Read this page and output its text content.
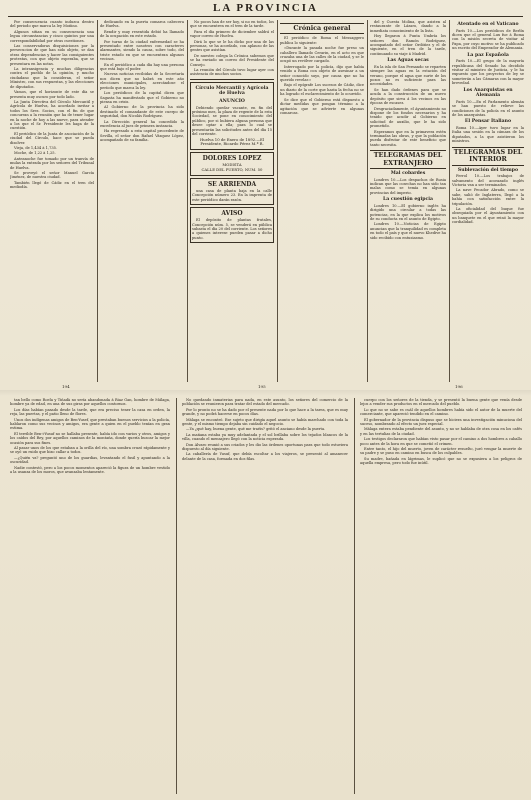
LA PROVINCIA

Por consecuencia cuanto induzca dentro del periodo que marca la ley Moñino.

Algunos sitian en su consecuencia una legua circunstancias y cinco quintos por una correspondabilidad por otras cuestiones.

Las conservadoras disquisiciones por la persecucion de que han sido objeto, se dan otras dependencias y hacer las consiguientes protestas, con que objeto esperaba, que se presentara en las notas.

La intransigencia y muchas diligencias contra el pueblo de la opinión, y mucho ciudadano que la consideran, el señor Ministro, con sus respuestas, y las elecciones de diputados.

Vamos, que el horizonte de este día se presenta muy oscuro por todo lado.

La Junta Directiva del Círculo Mercantil y Agrícola de Huelva, ha acordado invitar a todos los Sres. Socios, con el fin de que concurran a la reunión que ha de tener lugar en la noche de hoy a las nueve, para atender a los que el Sr. Presidente les haga de la cuestión.

El periódico de la Junta de asociación de la ciudad del Círculo, hace que se pueda disolver.

Vieja, de 1,434 à 1,735.

Moche, de 1,22 à 1,25.

Anteanoche fue tomado por un tranvía de mulas la entrada por los señores del Tribunal de Huelva.

Se proveyó el señor Manuel García Jiménez, de nuestra ciudad.

También llegó de Cádiz en el tren del mediodía.

dedicando en la puerta comarca cabecera de Huelva.

Rendir y muy resentida debió ha llamado de la ocupación en este estado.

Por turno de la ciudad enfermedad se ha presentado entre nosotros con caracteres alarmantes, siendo la causa, sobre todo, del triste estado en que se encuentran algunos vecinos.

En el periódico a cada día hay una persona que está bajo el poder.

Nuevas noticias recibidas de la Secretaría nos dicen que no habrá en este año elecciones municipales, acercándose el período que marca la ley.

Los periódicos de la capital dicen que Sagasta ha manifestado que el Gobierno no piensa en crisis.

Al Gobierno de la provincia ha sido destinado el comandante de este cuerpo de seguridad, don Nicolás Rodríguez.

La Dirección general ha concedido la excedencia al juez de primera instancia.

Ha regresado a esta capital procedente de Sevilla, el señor don Rafael Vázquez López, acompañado de su familia.

No pocos han de ser hoy, si no en todos, los que se encuentren en el tren de la tarde.

Para el día primero de diciembre saldrá el vapor correo de Huelva.

Dirá lo que se le ha dicho por una de las personas, se ha acordado, con aplauso de las gentes que asistían.

De nuestro colega la Crónica sabemos que se ha enviado un correo del Presidente del Consejo.

La reunión del Círculo tuvo lugar ayer con asistencia de muchos socios.

Círculo Mercantil y Agrícola de Huelva

ANUNCIO

Debiendo quedar vacante, en fin del próximo mes, la plaza de regente de la esta Sociedad, se pone en conocimiento del público, por si hubiera alguna persona que desee optar a ella; para lo cual se presentarán las solicitudes antes del día 15 del corriente.

Huelva 10 de Enero de 1892.—El Presidente, Ricardo Pérez M.ª R.

DOLORES LOPEZ

MODISTA

CALLE DEL PUERTO, NUM. 50

SE ARRIENDA

una casa de planta baja en la calle Concepción número 23. En la imprenta de este periódico darán razón.

AVISO

El depósito de plantas frutales, Concepción núm. 5, se venderá en pública subasta el día 20 del corriente. Los señores a quienes interese pueden pasar a dicho punto.

Crónica general

El periódico de Roma el Messaggero publica lo siguiente:

«Durante la pasada noche fue preso un caballero llamado Cerarin, en el acto en que cruzaba una de las calles de la ciudad, y se le ocupó un revólver cargado.

Interrogado por la policía, dijo que había venido a Roma con objeto de asesinar a un señor conocido suyo, por causa que no ha querido revelar.»

Bajo el epígrafe Los sucesos de Cádiz, dice un diario de la corte que hasta la fecha no se ha logrado el esclarecimiento de lo ocurrido.

Se dice que el Gobierno está dispuesto a dictar medidas que pongan término a la agitación que se advierte en algunas comarcas.

del y Cuesta Molina, que asisten al restaurante de Lázaro, dando a la inmediata conocimiento de la lista.

Hoy llegaron á Punta Umbría los señores don Ramón Rodríguez, acompañado del señor Ordóñez y el de siguiente, en el tren de la tarde, continuando su viaje á Madrid.

Las Aguas secas

En la isla de San Fernando se reparten siempre las aguas en la estación del verano, porque el agua que surte de los pozos no es suficiente para las necesidades.

Se han dado órdenes para que se acuda a la construcción de un nuevo depósito que sirva á los vecinos en las épocas de escasez.

Desgraciadamente, el Ayuntamiento no dispone de los fondos necesarios y ha tenido que acudir al Gobierno en solicitud de auxilio, que le ha sido prometido.

Esperamos que en la primavera estén terminadas las obras, y que la población pueda disfrutar de este beneficio que tanto necesita.

TELEGRAMAS DEL EXTRANJERO

Mal cobardes

Londres 10.—Los despachos de Rusia indican que las cosechas no han sido tan malas como se temía en algunas provincias del imperio.

La cuestión egipcia

Londres 10.—El gobierno inglés ha dirigido una circular a todas las potencias, en la que explica los motivos de su conducta en el asunto de Egipto.

Londres 10.—Noticias de Egipto anuncian que la tranquilidad es completa en todo el país y que el nuevo Khedive ha sido recibido con entusiasmo.

Atentado en el Vaticano

París 10.—Los periódicos de Berlín dicen que el general Lux fue á Roma con la misión secreta de visitar al Papa, por cuyo motivo se ha publicado un escrito del Emperador de Alemania.

La paz Española

París 10.—El grupo de la mayoría republicana del Senado ha decidido visitar al ministro de Justicia, y le ha expuesto que los proyectos de ley se someterán a las Cámaras con la mayor brevedad.

Los Anarquistas en Alemania

París 10.—En el Parlamento alemán se han puesto de relieve las condiciones de la policía en el asunto de los anarquistas.

El Pensar Italiano

Roma 10.—Ayer tuvo lugar en la Italia una sesión en la cámara de los diputados, a la que asistieron los ministros.

TELEGRAMAS DEL INTERIOR

Sublevación del tiempo

Ferrol 10.—Los trabajos de salvamento del acorazado inglés Victoria van a ser terminados.

La nave Pecador Abrado, como se sabe, salió de Inglaterra, llegó a la bahía con satisfacción entre la tripulación.

La oficialidad del buque fue obsequiada por el Ayuntamiento con un banquete en el que reinó la mayor cordialidad.

194	195	196

tan bello como Roela y Tiñadà no sería abandonada á Riaz Gan, hombre de Málaga, hombre ya de edad, en una de sus giras por aquellos contornos.

Los días habían pasado desde la tarde, que era preciso tener la casa en orden, la reja, las puertas, y el patio lleno de flores.

Unos dos indígenas amigos de Ben-Yusef, que prestaban buenos servicios a la policía, hablaron como sus vecinos y amigos, era gente a quien en el pueblo tenían en gran estima.

El terrible Ben-i-Yusuf no se hallaba presente, había ido con varios y otros, amigos y los caídos del Rey, por aquellos caminos de la montaña, donde quería buscar la mejor ocasión para sus fines.

Al pasar unos de los que estaban a la orilla del río, una sombra cruzó rápidamente y se oyó un ruido que hizo callar a todos.

—¿Quién va? preguntó uno de los guardias, levantando el fusil y apuntando a la oscuridad.

Nadie contestó, pero a los pocos momentos apareció la figura de un hombre vestido a la usanza de los moros, que avanzaba lentamente.

No quedando inmaterias para nada, en este asunto, los señores del comercio de la población se reunieron para tratar del estado del mercado.

Por lo pronto no se ha dado por el presente nada por lo que hace a la tarea, que es muy grande, y no podrá hacerse en pocos días.

Málaga se encontró. Ese sujeto que dirigía aquel asunto se había marchado con toda la gente, y el mismo tiempo dejaba sin cuidado el negocio.

—Ya ¿qué hay, buena gente, qué me traéis? gritó el anciano desde la puerta.

La mañana estaba ya muy adelantada y el sol brillaba sobre los tejados blancos de la villa, cuando el mensajero llegó con la noticia esperada.

Don Alvaro reunió a sus criados y les dio las órdenes oportunas para que todo estuviera dispuesto al día siguiente.

La caballería de Yusuf, que debía escoltar a los viajeros, se presentó al amanecer delante de la casa, formada en dos filas.

cuerpo con los señores de la tienda, y se presentó la buena gente que venía desde lejos a vender sus productos en el mercado del pueblo.

Lo que no se sabe es cuál de aquellos hombres había sido el autor de la muerte del comerciante, que apareció tendido en el camino.

El gobernador de la provincia dispuso que se hiciera una investigación minuciosa del suceso, nombrando al efecto un juez especial.

Málaga entera estaba pendiente del asunto, y no se hablaba de otra cosa en los cafés y en las tertulias de la ciudad.

Los testigos declararon que habían visto pasar por el camino a dos hombres a caballo poco antes de la hora en que se cometió el crimen.

Entre tanto, el hijo del muerto, joven de carácter resuelto, juró vengar la muerte de su padre y se puso en camino en busca de los culpables.

Su madre, bañada en lágrimas, le suplicó que no se expusiera a los peligros de aquella empresa, pero todo fue inútil.
